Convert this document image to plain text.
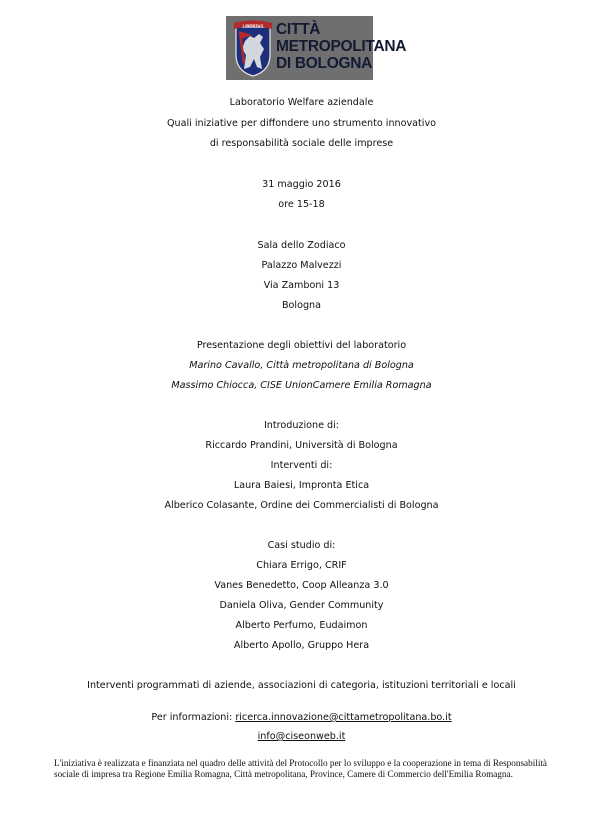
LIBERTAS CITTÀ
METROPOLITANA
DI BOLOGNA
Laboratorio Welfare aziendale
Quali iniziative per diffondere uno strumento innovativo
di responsabilità sociale delle imprese
31 maggio 2016
ore 15-18
Sala dello Zodiaco
Palazzo Malvezzi
Via Zamboni 13
Bologna
Presentazione degli obiettivi del laboratorio
Marino Cavallo, Città metropolitana di Bologna
Massimo Chiocca, CISE UnionCamere Emilia Romagna
Introduzione di:
Riccardo Prandini, Università di Bologna
Interventi di:
Laura Baiesi, Impronta Etica
Alberico Colasante, Ordine dei Commercialisti di Bologna
Casi studio di:
Chiara Errigo, CRIF
Vanes Benedetto, Coop Alleanza 3.0
Daniela Oliva, Gender Community
Alberto Perfumo, Eudaimon
Alberto Apollo, Gruppo Hera
Interventi programmati di aziende, associazioni di categoria, istituzioni territoriali e locali
Per informazioni: ricerca.innovazione@cittametropolitana.bo.it
info@ciseonweb.it
L'iniziativa è realizzata e finanziata nel quadro delle attività del Protocollo per lo sviluppo e la cooperazione in tema di Responsabilità sociale di impresa tra Regione Emilia Romagna, Città metropolitana, Province, Camere di Commercio dell'Emilia Romagna.
